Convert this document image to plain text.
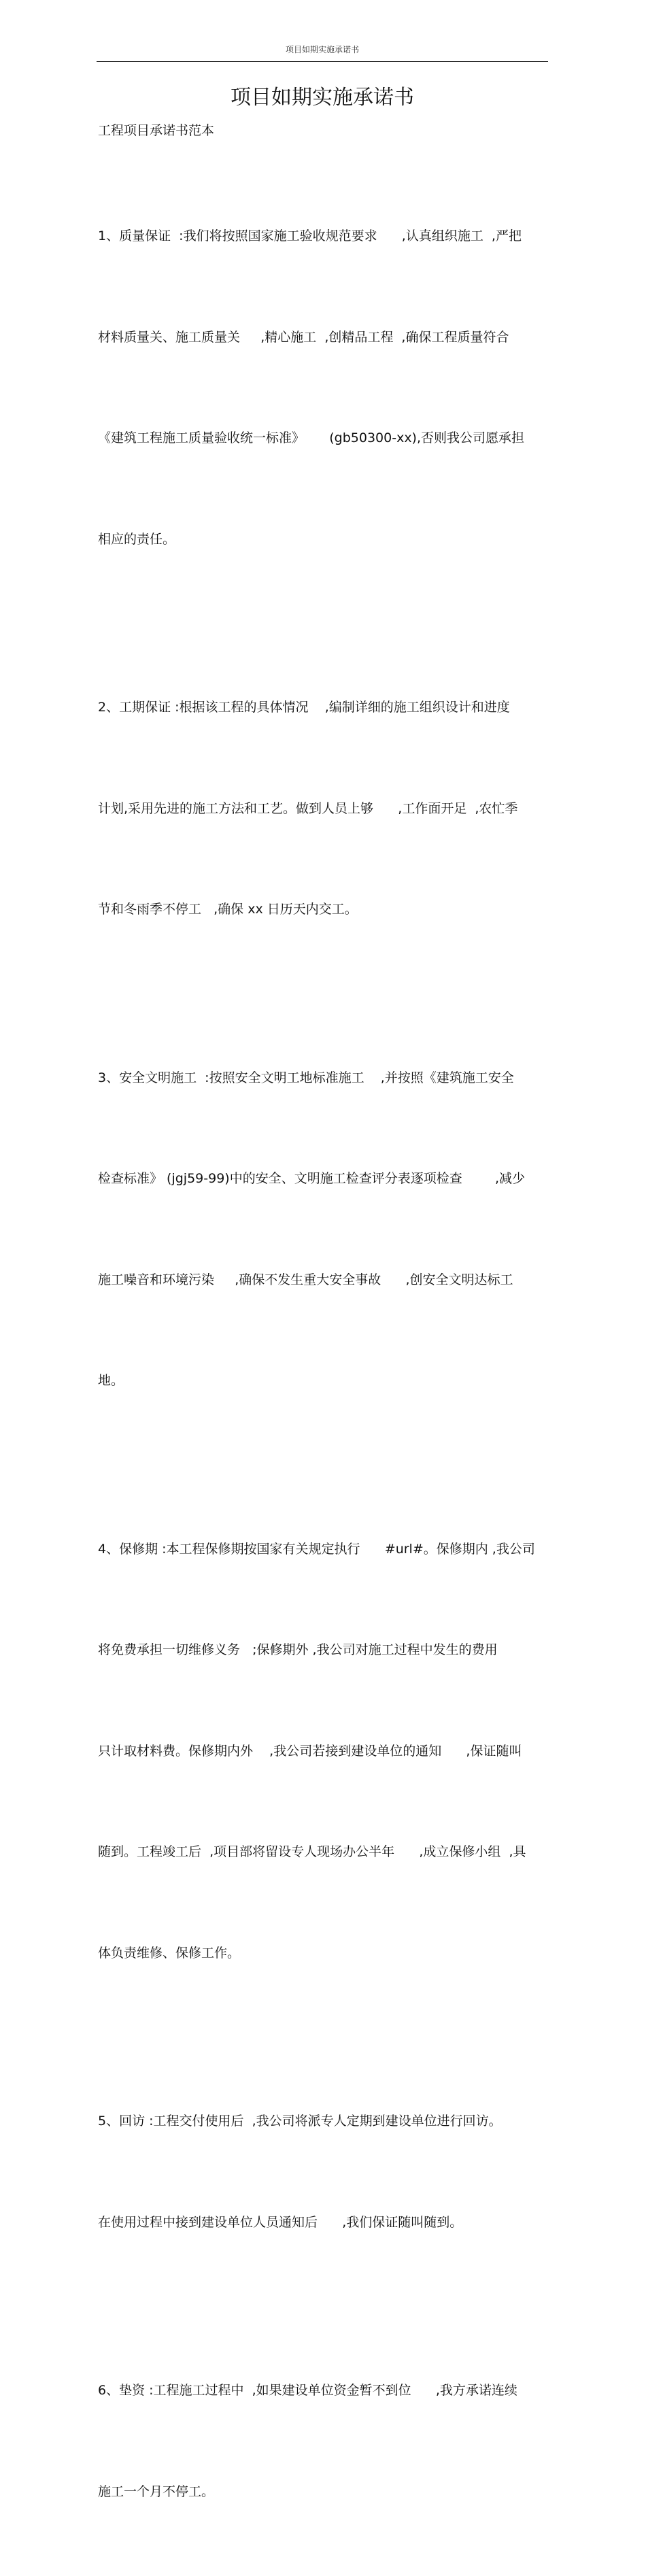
项目如期实施承诺书
项目如期实施承诺书
工程项目承诺书范本

1、质量保证  :我们将按照国家施工验收规范要求      ,认真组织施工  ,严把

材料质量关、施工质量关     ,精心施工  ,创精品工程  ,确保工程质量符合

《建筑工程施工质量验收统一标准》      (gb50300-xx),否则我公司愿承担

相应的责任。

2、工期保证 :根据该工程的具体情况    ,编制详细的施工组织设计和进度

计划,采用先进的施工方法和工艺。做到人员上够      ,工作面开足  ,农忙季

节和冬雨季不停工   ,确保 xx 日历天内交工。

3、安全文明施工  :按照安全文明工地标准施工    ,并按照《建筑施工安全

检查标准》 (jgj59-99)中的安全、文明施工检查评分表逐项检查        ,减少

施工噪音和环境污染     ,确保不发生重大安全事故      ,创安全文明达标工

地。

4、保修期 :本工程保修期按国家有关规定执行      #url#。保修期内 ,我公司

将免费承担一切维修义务   ;保修期外 ,我公司对施工过程中发生的费用

只计取材料费。保修期内外    ,我公司若接到建设单位的通知      ,保证随叫

随到。工程竣工后  ,项目部将留设专人现场办公半年      ,成立保修小组  ,具

体负责维修、保修工作。

5、回访 :工程交付使用后  ,我公司将派专人定期到建设单位进行回访。

在使用过程中接到建设单位人员通知后      ,我们保证随叫随到。

6、垫资 :工程施工过程中  ,如果建设单位资金暂不到位      ,我方承诺连续

施工一个月不停工。
